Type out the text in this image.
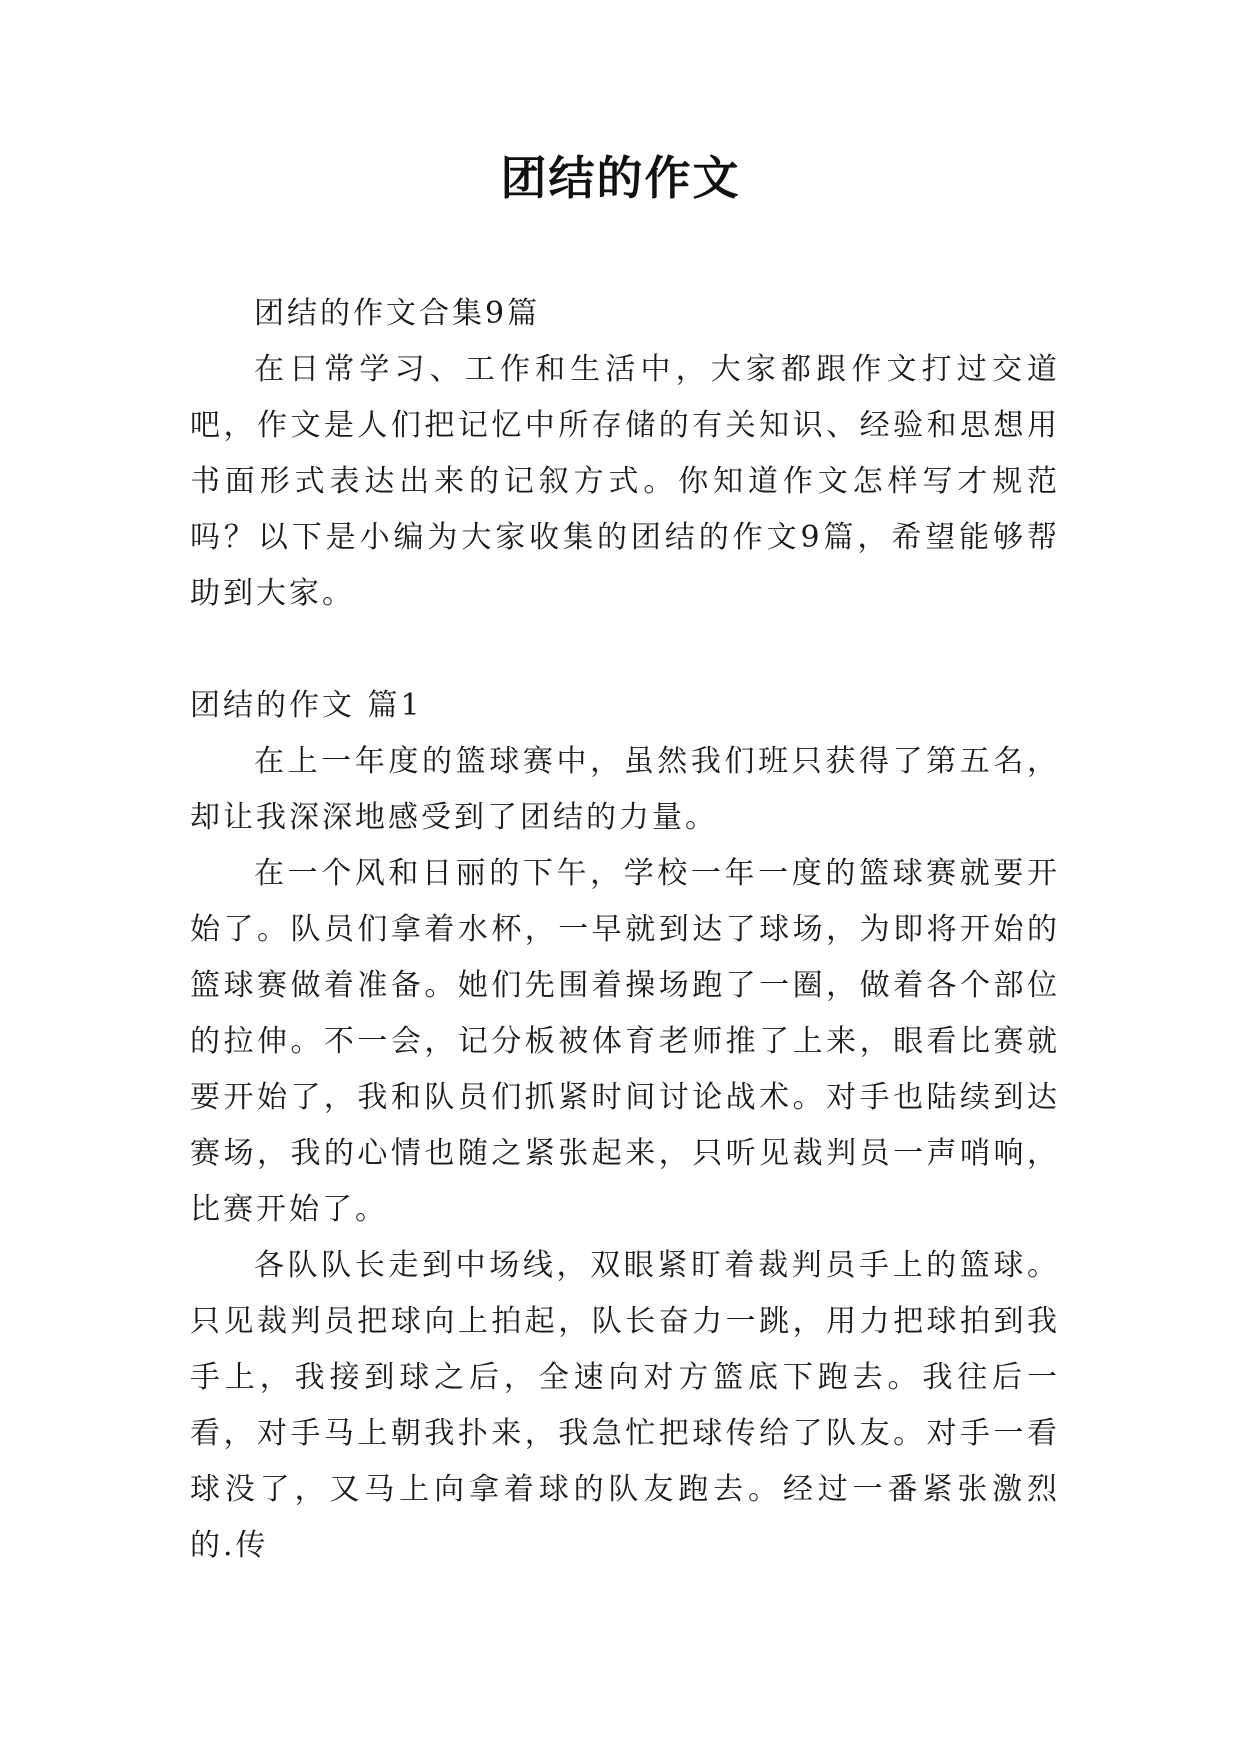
团结的作文

团结的作文合集9篇

在日常学习、工作和生活中，大家都跟作文打过交道吧，作文是人们把记忆中所存储的有关知识、经验和思想用书面形式表达出来的记叙方式。你知道作文怎样写才规范吗？以下是小编为大家收集的团结的作文9篇，希望能够帮助到大家。

团结的作文 篇1

在上一年度的篮球赛中，虽然我们班只获得了第五名，却让我深深地感受到了团结的力量。

在一个风和日丽的下午，学校一年一度的篮球赛就要开始了。队员们拿着水杯，一早就到达了球场，为即将开始的篮球赛做着准备。她们先围着操场跑了一圈，做着各个部位的拉伸。不一会，记分板被体育老师推了上来，眼看比赛就要开始了，我和队员们抓紧时间讨论战术。对手也陆续到达赛场，我的心情也随之紧张起来，只听见裁判员一声哨响，比赛开始了。

各队队长走到中场线，双眼紧盯着裁判员手上的篮球。只见裁判员把球向上拍起，队长奋力一跳，用力把球拍到我手上，我接到球之后，全速向对方篮底下跑去。我往后一看，对手马上朝我扑来，我急忙把球传给了队友。对手一看球没了，又马上向拿着球的队友跑去。经过一番紧张激烈的.传
